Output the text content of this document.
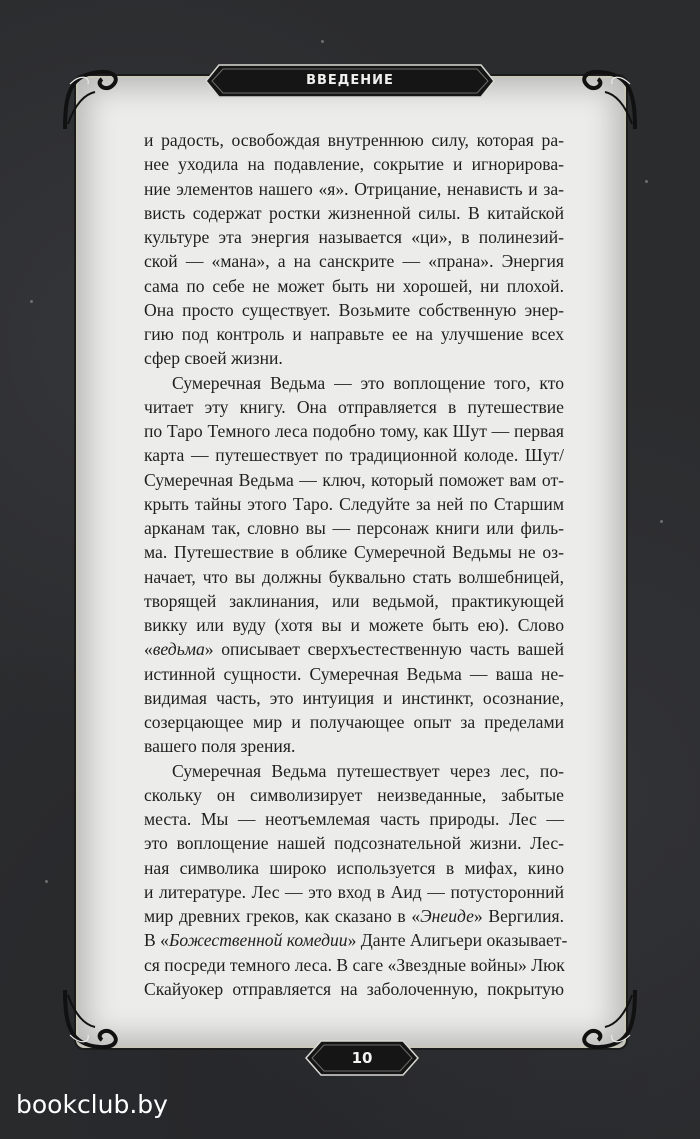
ВВЕДЕНИЕ
и радость, освобождая внутреннюю силу, которая ра-
нее уходила на подавление, сокрытие и игнорирова-
ние элементов нашего «я». Отрицание, ненависть и за-
висть содержат ростки жизненной силы. В китайской
культуре эта энергия называется «ци», в полинезий-
ской — «мана», а на санскрите — «прана». Энергия
сама по себе не может быть ни хорошей, ни плохой.
Она просто существует. Возьмите собственную энер-
гию под контроль и направьте ее на улучшение всех
сфер своей жизни.
Сумеречная Ведьма — это воплощение того, кто
читает эту книгу. Она отправляется в путешествие
по Таро Темного леса подобно тому, как Шут — первая
карта — путешествует по традиционной колоде. Шут/
Сумеречная Ведьма — ключ, который поможет вам от-
крыть тайны этого Таро. Следуйте за ней по Старшим
арканам так, словно вы — персонаж книги или филь-
ма. Путешествие в облике Сумеречной Ведьмы не оз-
начает, что вы должны буквально стать волшебницей,
творящей заклинания, или ведьмой, практикующей
викку или вуду (хотя вы и можете быть ею). Слово
«ведьма» описывает сверхъестественную часть вашей
истинной сущности. Сумеречная Ведьма — ваша не-
видимая часть, это интуиция и инстинкт, осознание,
созерцающее мир и получающее опыт за пределами
вашего поля зрения.
Сумеречная Ведьма путешествует через лес, по-
скольку он символизирует неизведанные, забытые
места. Мы — неотъемлемая часть природы. Лес —
это воплощение нашей подсознательной жизни. Лес-
ная символика широко используется в мифах, кино
и литературе. Лес — это вход в Аид — потусторонний
мир древних греков, как сказано в «Энеиде» Вергилия.
В «Божественной комедии» Данте Алигьери оказывает-
ся посреди темного леса. В саге «Звездные войны» Люк
Скайуокер отправляется на заболоченную, покрытую
10
bookclub.by
